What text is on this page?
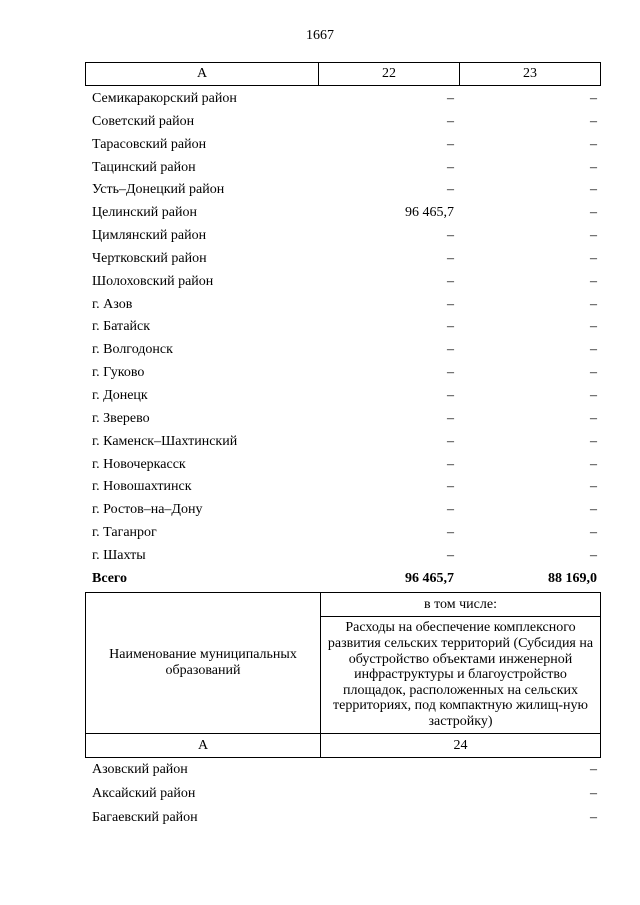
1667
А	22	23
Семикаракорский район	–	–
Советский район	–	–
Тарасовский район	–	–
Тацинский район	–	–
Усть–Донецкий район	–	–
Целинский район	96 465,7	–
Цимлянский район	–	–
Чертковский район	–	–
Шолоховский район	–	–
г. Азов	–	–
г. Батайск	–	–
г. Волгодонск	–	–
г. Гуково	–	–
г. Донецк	–	–
г. Зверево	–	–
г. Каменск–Шахтинский	–	–
г. Новочеркасск	–	–
г. Новошахтинск	–	–
г. Ростов–на–Дону	–	–
г. Таганрог	–	–
г. Шахты	–	–
Всего	96 465,7	88 169,0
Наименование муниципальных образований
в том числе:
Расходы на обеспечение комплексного развития сельских территорий (Субсидия на обустройство объектами инженерной инфраструктуры и благоустройство площадок, расположенных на сельских территориях, под компактную жилищ-ную застройку)
А	24
Азовский район	–
Аксайский район	–
Багаевский район	–
